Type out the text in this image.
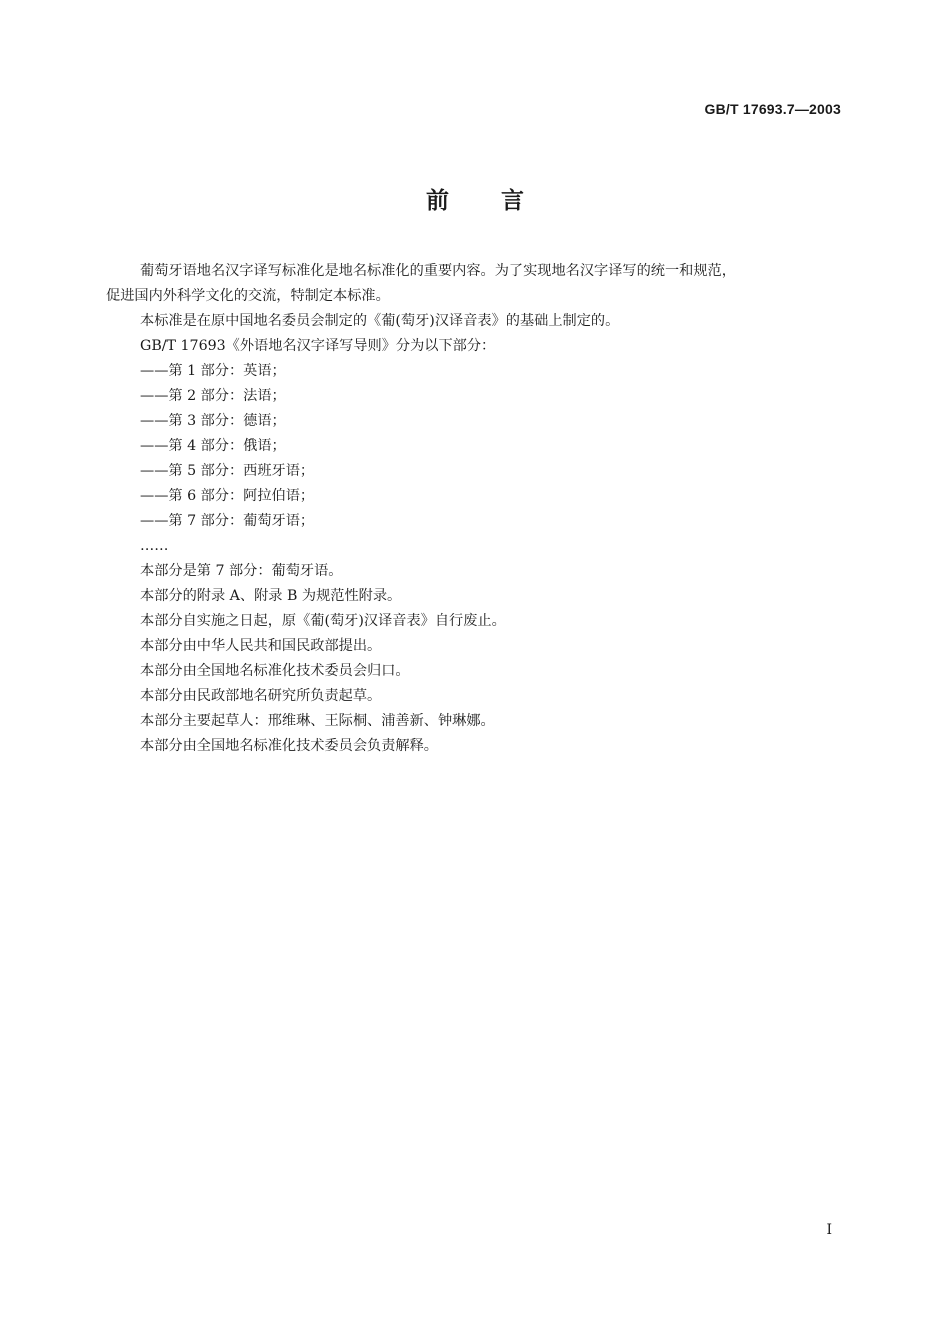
GB/T 17693.7—2003
前言
葡萄牙语地名汉字译写标准化是地名标准化的重要内容。为了实现地名汉字译写的统一和规范，
促进国内外科学文化的交流，特制定本标准。
本标准是在原中国地名委员会制定的《葡(萄牙)汉译音表》的基础上制定的。
GB/T 17693《外语地名汉字译写导则》分为以下部分：
——第 1 部分：英语；
——第 2 部分：法语；
——第 3 部分：德语；
——第 4 部分：俄语；
——第 5 部分：西班牙语；
——第 6 部分：阿拉伯语；
——第 7 部分：葡萄牙语；
……
本部分是第 7 部分：葡萄牙语。
本部分的附录 A、附录 B 为规范性附录。
本部分自实施之日起，原《葡(萄牙)汉译音表》自行废止。
本部分由中华人民共和国民政部提出。
本部分由全国地名标准化技术委员会归口。
本部分由民政部地名研究所负责起草。
本部分主要起草人：邢维琳、王际桐、浦善新、钟琳娜。
本部分由全国地名标准化技术委员会负责解释。
I
